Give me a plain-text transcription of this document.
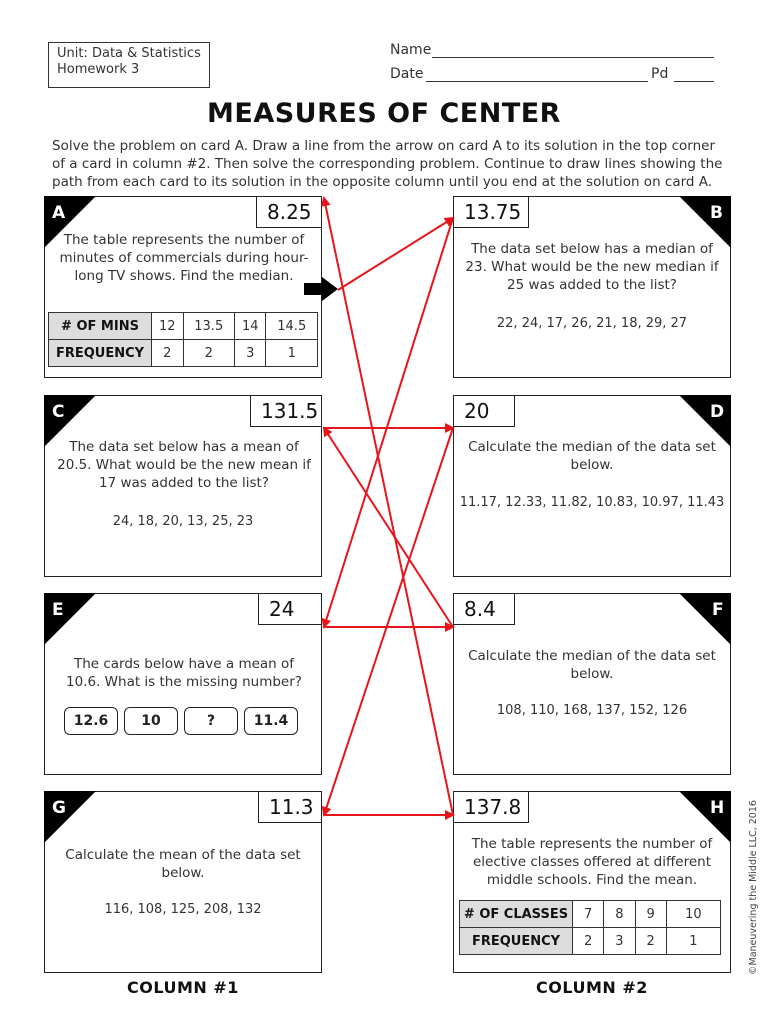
Unit: Data & Statistics
Homework 3
Name
Date	Pd
MEASURES OF CENTER
Solve the problem on card A. Draw a line from the arrow on card A to its solution in the top corner of a card in column #2. Then solve the corresponding problem. Continue to draw lines showing the path from each card to its solution in the opposite column until you end at the solution on card A.
A	8.25
The table represents the number of minutes of commercials during hour-long TV shows. Find the median.
# OF MINS	12	13.5	14	14.5
FREQUENCY	2	2	3	1
B
13.75
The data set below has a median of 23. What would be the new median if 25 was added to the list?
22, 24, 17, 26, 21, 18, 29, 27
C	131.5
The data set below has a mean of 20.5. What would be the new mean if 17 was added to the list?
24, 18, 20, 13, 25, 23
D
20
Calculate the median of the data set below.
11.17, 12.33, 11.82, 10.83, 10.97, 11.43
E	24
The cards below have a mean of 10.6. What is the missing number?
12.6 10	?	11.4
F
8.4
Calculate the median of the data set below.
108, 110, 168, 137, 152, 126
G	11.3
Calculate the mean of the data set below.
116, 108, 125, 208, 132
H
137.8
The table represents the number of elective classes offered at different middle schools. Find the mean.
# OF CLASSES	7	8	9	10
FREQUENCY	2	3	2	1
COLUMN #1	COLUMN #2
©Maneuvering the Middle LLC, 2016
